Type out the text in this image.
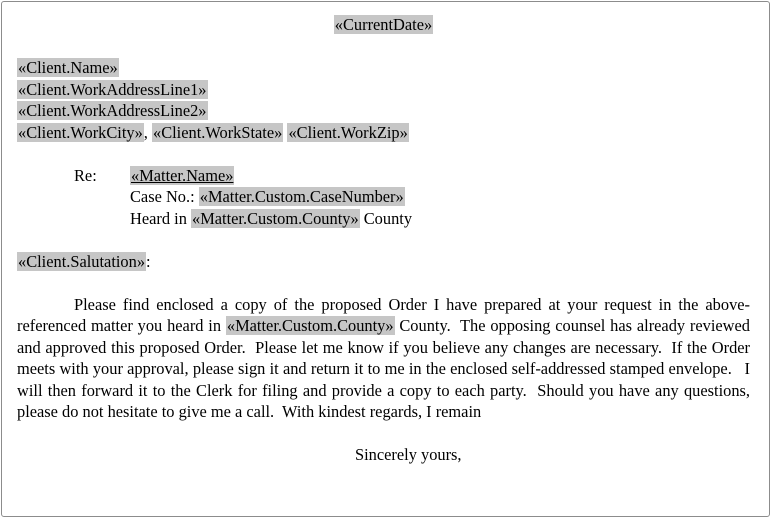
«CurrentDate»
«Client.Name»
«Client.WorkAddressLine1»
«Client.WorkAddressLine2»
«Client.WorkCity», «Client.WorkState» «Client.WorkZip»
Re: «Matter.Name»
Case No.: «Matter.Custom.CaseNumber»
Heard in «Matter.Custom.County» County
«Client.Salutation»:

Please find enclosed a copy of the proposed Order I have prepared at your request in the above-referenced matter you heard in «Matter.Custom.County» County.  The opposing counsel has already reviewed and approved this proposed Order.  Please let me know if you believe any changes are necessary.  If the Order meets with your approval, please sign it and return it to me in the enclosed self-addressed stamped envelope.   I will then forward it to the Clerk for filing and provide a copy to each party.  Should you have any questions, please do not hesitate to give me a call.  With kindest regards, I remain

Sincerely yours,
